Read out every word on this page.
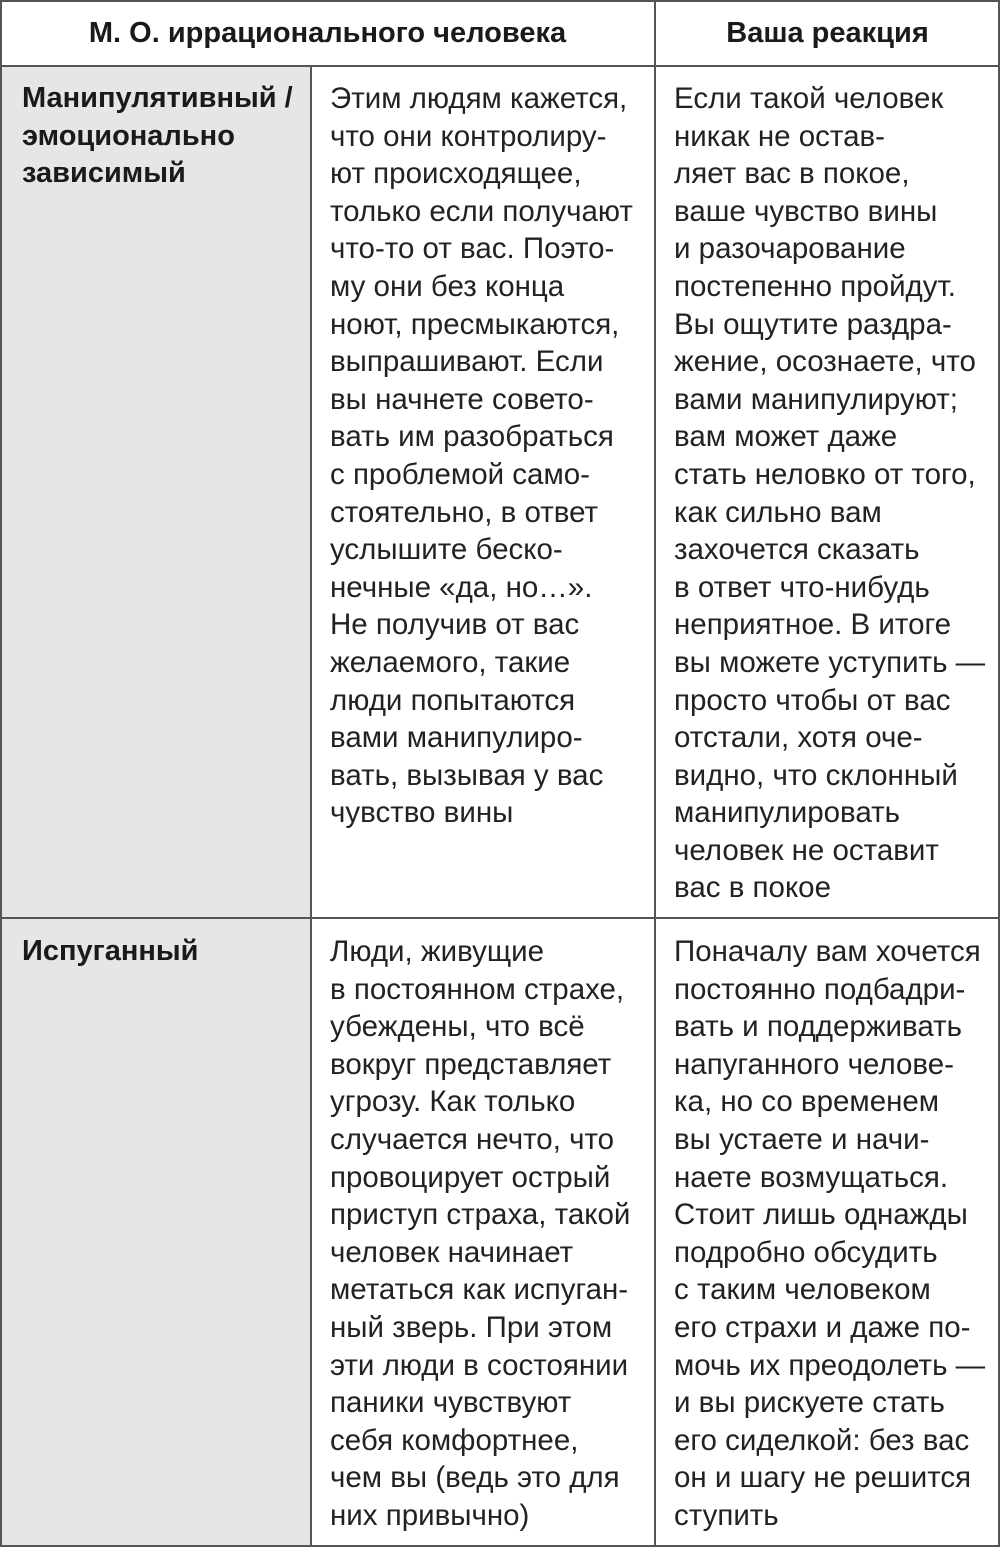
М. О. иррационального человека	Ваша реакция
Манипулятивный /
эмоционально
зависимый
Этим людям кажется,
что они контролиру-
ют происходящее,
только если получают
что-то от вас. Поэто-
му они без конца
ноют, пресмыкаются,
выпрашивают. Если
вы начнете совето-
вать им разобраться
с проблемой само-
стоятельно, в ответ
услышите беско-
нечные «да, но…».
Не получив от вас
желаемого, такие
люди попытаются
вами манипулиро-
вать, вызывая у вас
чувство вины
Если такой человек
никак не остав-
ляет вас в покое,
ваше чувство вины
и разочарование
постепенно пройдут.
Вы ощутите раздра-
жение, осознаете, что
вами манипулируют;
вам может даже
стать неловко от того,
как сильно вам
захочется сказать
в ответ что-нибудь
неприятное. В итоге
вы можете уступить —
просто чтобы от вас
отстали, хотя оче-
видно, что склонный
манипулировать
человек не оставит
вас в покое
Испуганный	Люди, живущие
в постоянном страхе,
убеждены, что всё
вокруг представляет
угрозу. Как только
случается нечто, что
провоцирует острый
приступ страха, такой
человек начинает
метаться как испуган-
ный зверь. При этом
эти люди в состоянии
паники чувствуют
себя комфортнее,
чем вы (ведь это для
них привычно)
Поначалу вам хочется
постоянно подбадри-
вать и поддерживать
напуганного челове-
ка, но со временем
вы устаете и начи-
наете возмущаться.
Стоит лишь однажды
подробно обсудить
с таким человеком
его страхи и даже по-
мочь их преодолеть —
и вы рискуете стать
его сиделкой: без вас
он и шагу не решится
ступить
